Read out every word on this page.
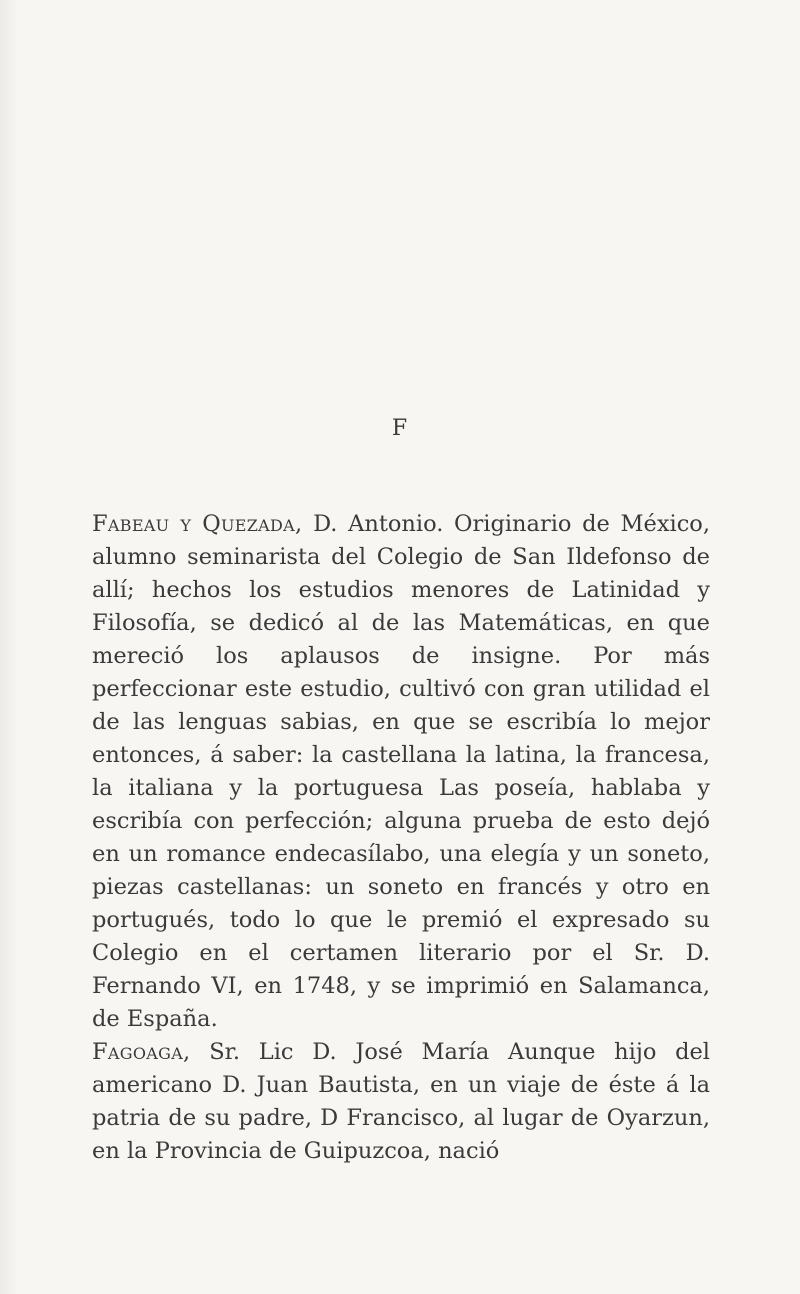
F

Fabeau y Quezada, D. Antonio. Originario de México, alumno seminarista del Colegio de San Ildefonso de allí; hechos los estudios menores de Latinidad y Filosofía, se dedicó al de las Matemáticas, en que mereció los aplausos de insigne. Por más perfeccionar este estudio, cultivó con gran utilidad el de las lenguas sabias, en que se escribía lo mejor entonces, á saber: la castellana la latina, la francesa, la italiana y la portuguesa Las poseía, hablaba y escribía con perfección; alguna prueba de esto dejó en un romance endecasílabo, una elegía y un soneto, piezas castellanas: un soneto en francés y otro en portugués, todo lo que le premió el expresado su Colegio en el certamen literario por el Sr. D. Fernando VI, en 1748, y se imprimió en Salamanca, de España.

Fagoaga, Sr. Lic D. José María Aunque hijo del americano D. Juan Bautista, en un viaje de éste á la patria de su padre, D Francisco, al lugar de Oyarzun, en la Provincia de Guipuzcoa, nació
